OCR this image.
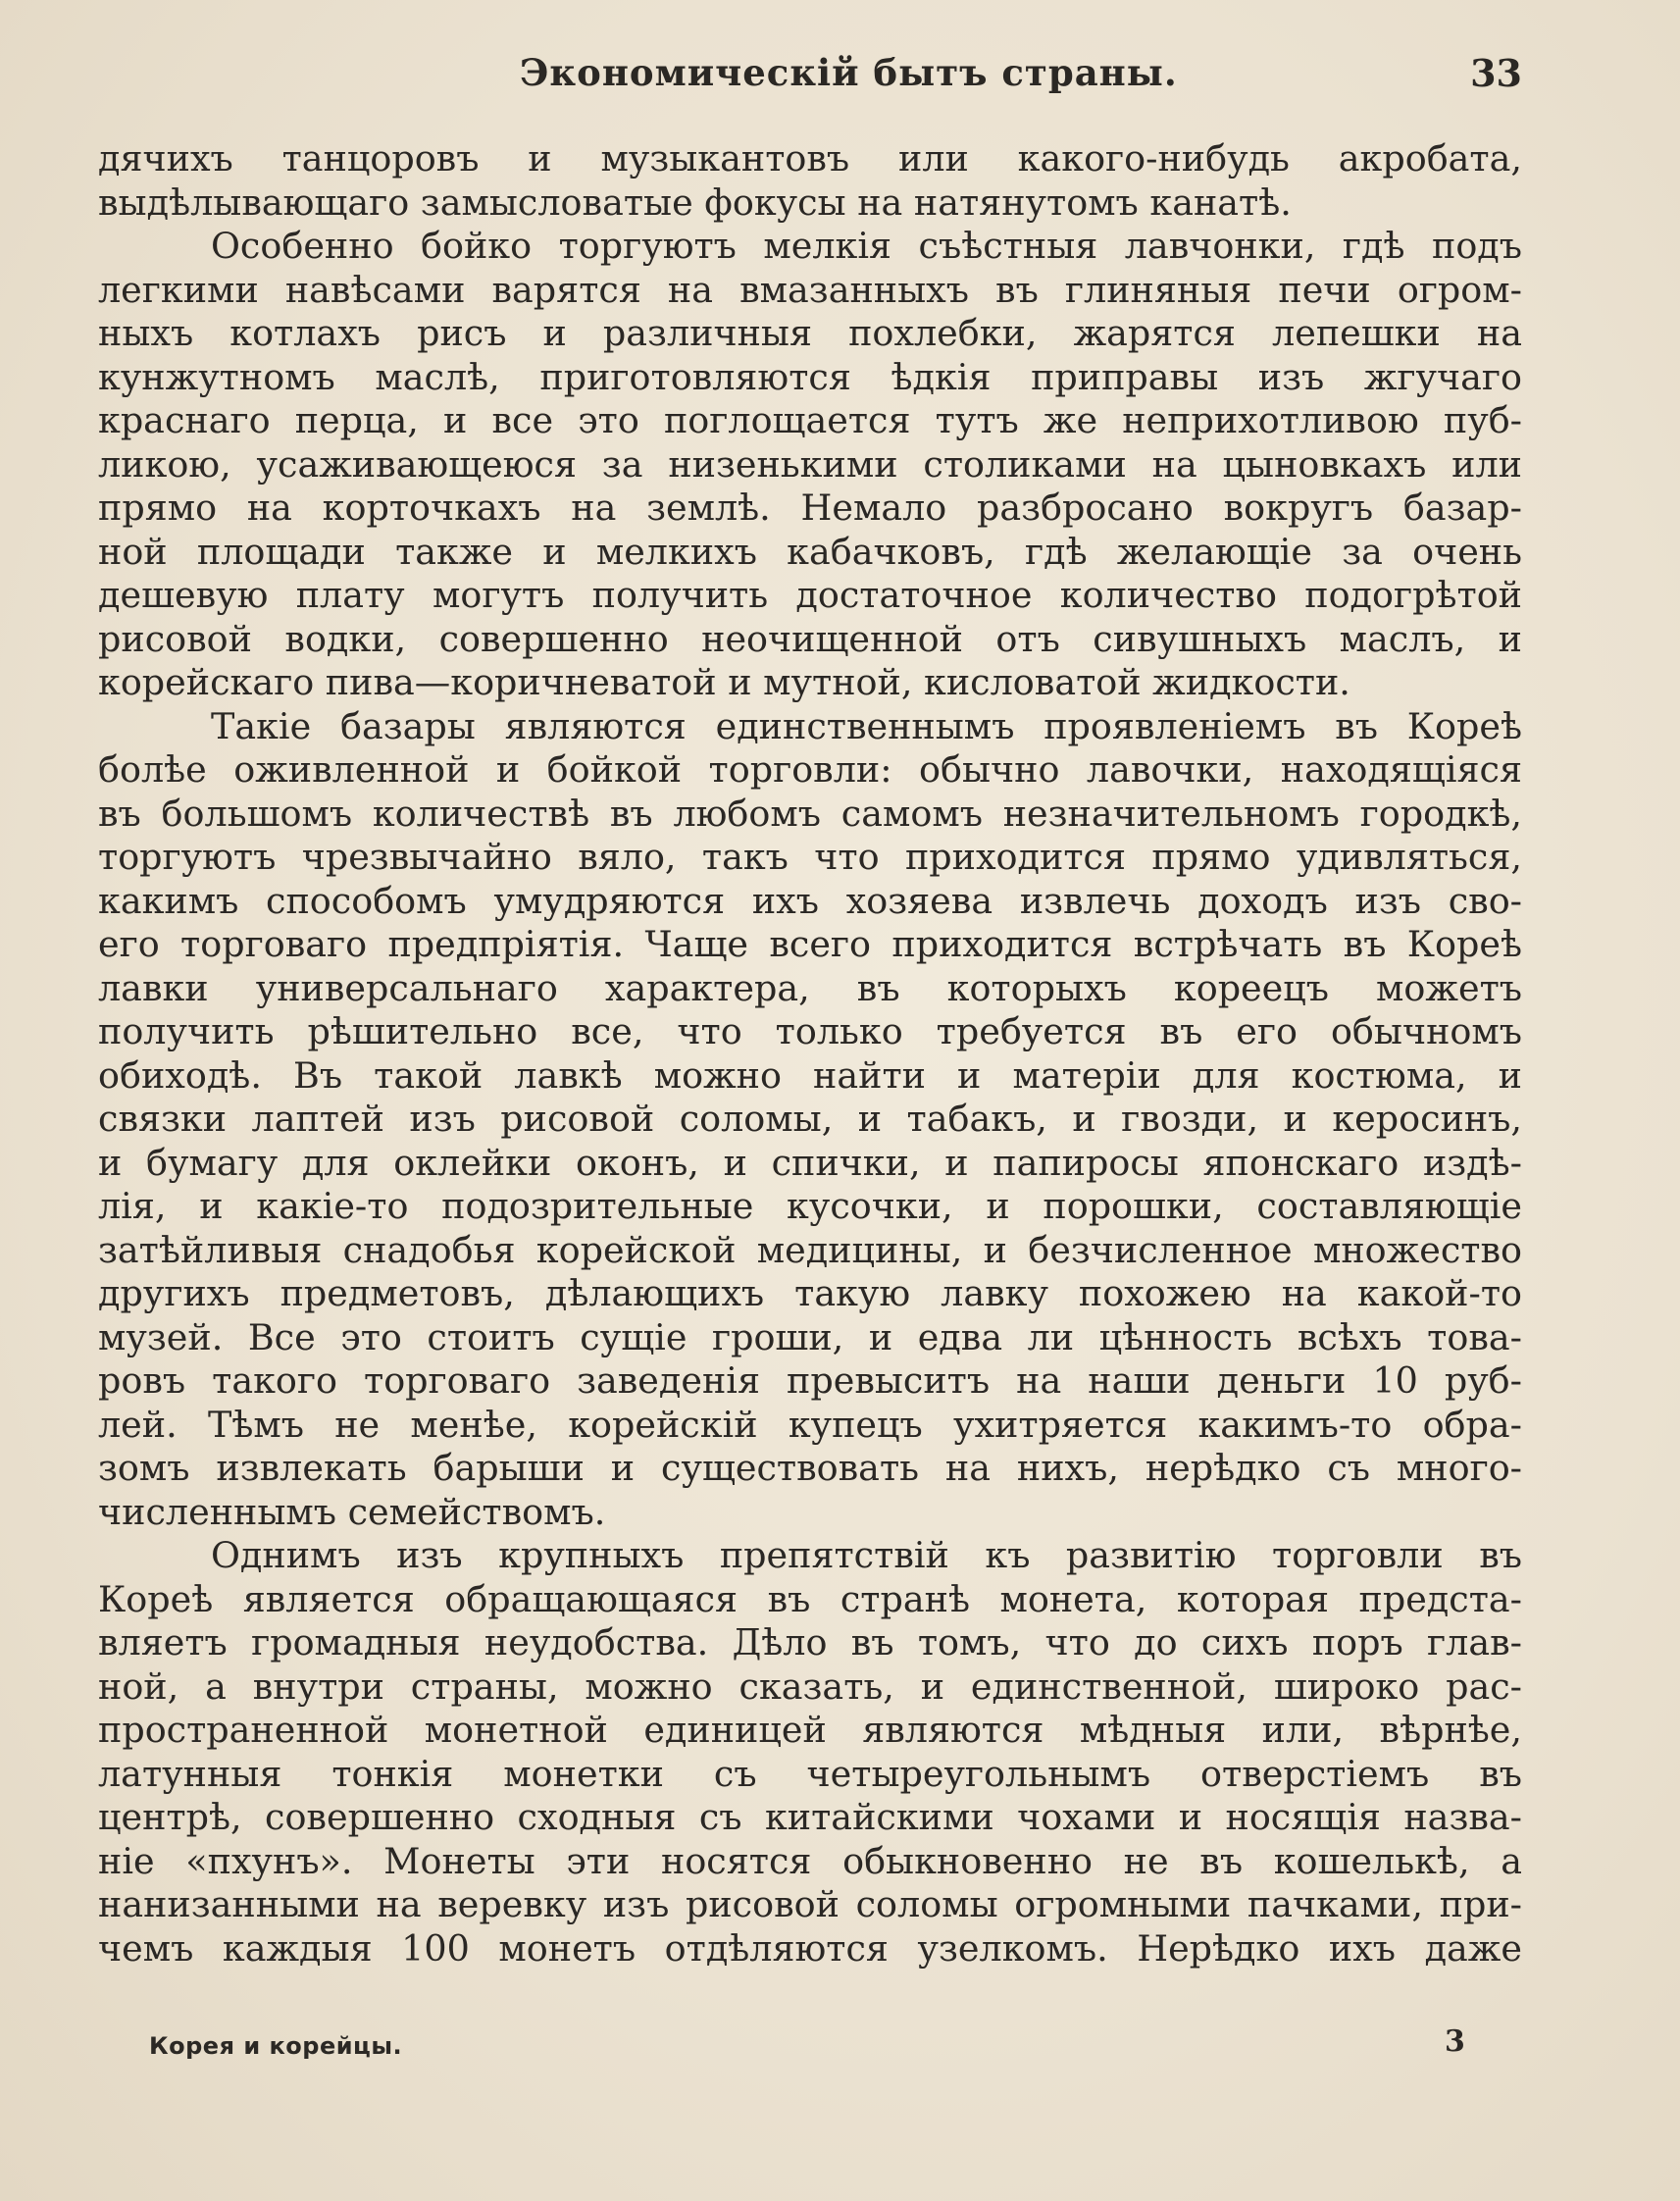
Экономическій бытъ страны.	33
дячихъ танцоровъ и музыкантовъ или какого-нибудь акробата,
выдѣлывающаго замысловатые фокусы на натянутомъ канатѣ.
Особенно бойко торгуютъ мелкія съѣстныя лавчонки, гдѣ подъ
легкими навѣсами варятся на вмазанныхъ въ глиняныя печи огром-
ныхъ котлахъ рисъ и различныя похлебки, жарятся лепешки на
кунжутномъ маслѣ, приготовляются ѣдкія приправы изъ жгучаго
краснаго перца, и все это поглощается тутъ же неприхотливою пуб-
ликою, усаживающеюся за низенькими столиками на цыновкахъ или
прямо на корточкахъ на землѣ. Немало разбросано вокругъ базар-
ной площади также и мелкихъ кабачковъ, гдѣ желающіе за очень
дешевую плату могутъ получить достаточное количество подогрѣтой
рисовой водки, совершенно неочищенной отъ сивушныхъ маслъ, и
корейскаго пива—коричневатой и мутной, кисловатой жидкости.
Такіе базары являются единственнымъ проявленіемъ въ Кореѣ
болѣе оживленной и бойкой торговли: обычно лавочки, находящіяся
въ большомъ количествѣ въ любомъ самомъ незначительномъ городкѣ,
торгуютъ чрезвычайно вяло, такъ что приходится прямо удивляться,
какимъ способомъ умудряются ихъ хозяева извлечь доходъ изъ сво-
его торговаго предпріятія. Чаще всего приходится встрѣчать въ Кореѣ
лавки универсальнаго характера, въ которыхъ кореецъ можетъ
получить рѣшительно все, что только требуется въ его обычномъ
обиходѣ. Въ такой лавкѣ можно найти и матеріи для костюма, и
связки лаптей изъ рисовой соломы, и табакъ, и гвозди, и керосинъ,
и бумагу для оклейки оконъ, и спички, и папиросы японскаго издѣ-
лія, и какіе-то подозрительные кусочки, и порошки, составляющіе
затѣйливыя снадобья корейской медицины, и безчисленное множество
другихъ предметовъ, дѣлающихъ такую лавку похожею на какой-то
музей. Все это стоитъ сущіе гроши, и едва ли цѣнность всѣхъ това-
ровъ такого торговаго заведенія превыситъ на наши деньги 10 руб-
лей. Тѣмъ не менѣе, корейскій купецъ ухитряется какимъ-то обра-
зомъ извлекать барыши и существовать на нихъ, нерѣдко съ много-
численнымъ семействомъ.
Однимъ изъ крупныхъ препятствій къ развитію торговли въ
Кореѣ является обращающаяся въ странѣ монета, которая предста-
вляетъ громадныя неудобства. Дѣло въ томъ, что до сихъ поръ глав-
ной, а внутри страны, можно сказать, и единственной, широко рас-
пространенной монетной единицей являются мѣдныя или, вѣрнѣе,
латунныя тонкія монетки съ четыреугольнымъ отверстіемъ въ
центрѣ, совершенно сходныя съ китайскими чохами и носящія назва-
ніе «пхунъ». Монеты эти носятся обыкновенно не въ кошелькѣ, а
нанизанными на веревку изъ рисовой соломы огромными пачками, при-
чемъ каждыя 100 монетъ отдѣляются узелкомъ. Нерѣдко ихъ даже
Корея и корейцы.	3
